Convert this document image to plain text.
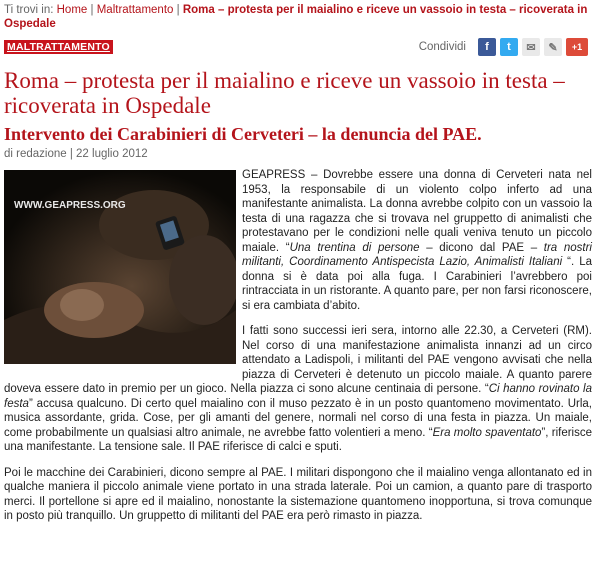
Ti trovi in: Home | Maltrattamento | Roma – protesta per il maialino e riceve un vassoio in testa – ricoverata in Ospedale
MALTRATTAMENTO	Condividi	f	t	✉	✎	+1
Roma – protesta per il maialino e riceve un vassoio in testa – ricoverata in Ospedale
Intervento dei Carabinieri di Cerveteri – la denuncia del PAE.
di redazione | 22 luglio 2012

GEAPRESS – Dovrebbe essere una donna di Cerveteri nata nel 1953, la responsabile di un violento colpo inferto ad una manifestante animalista. La donna avrebbe colpito con un vassoio la testa di una ragazza che si trovava nel gruppetto di animalisti che protestavano per le condizioni nelle quali veniva tenuto un piccolo maiale. “Una trentina di persone – dicono dal PAE – tra nostri militanti, Coordinamento Antispecista Lazio, Animalisti Italiani “. La donna si è data poi alla fuga. I Carabinieri l’avrebbero poi rintracciata in un ristorante. A quanto pare, per non farsi riconoscere, si era cambiata d’abito.

I fatti sono successi ieri sera, intorno alle 22.30, a Cerveteri (RM). Nel corso di una manifestazione animalista innanzi ad un circo attendato a Ladispoli, i militanti del PAE vengono avvisati che nella piazza di Cerveteri è detenuto un piccolo maiale. A quanto parere doveva essere dato in premio per un gioco. Nella piazza ci sono alcune centinaia di persone. “Ci hanno rovinato la festa” accusa qualcuno. Di certo quel maialino con il muso pezzato è in un posto quantomeno movimentato. Urla, musica assordante, grida. Cose, per gli amanti del genere, normali nel corso di una festa in piazza. Un maiale, come probabilmente un qualsiasi altro animale, ne avrebbe fatto volentieri a meno. “Era molto spaventato”, riferisce una manifestante. La tensione sale. Il PAE riferisce di calci e sputi.

Poi le macchine dei Carabinieri, dicono sempre al PAE. I militari dispongono che il maialino venga allontanato ed in qualche maniera il piccolo animale viene portato in una strada laterale. Poi un camion, a quanto pare di trasporto merci. Il portellone si apre ed il maialino, nonostante la sistemazione quantomeno inopportuna, si trova comunque in posto più tranquillo. Un gruppetto di militanti del PAE era però rimasto in piazza.

WWW.GEAPRESS.ORG
